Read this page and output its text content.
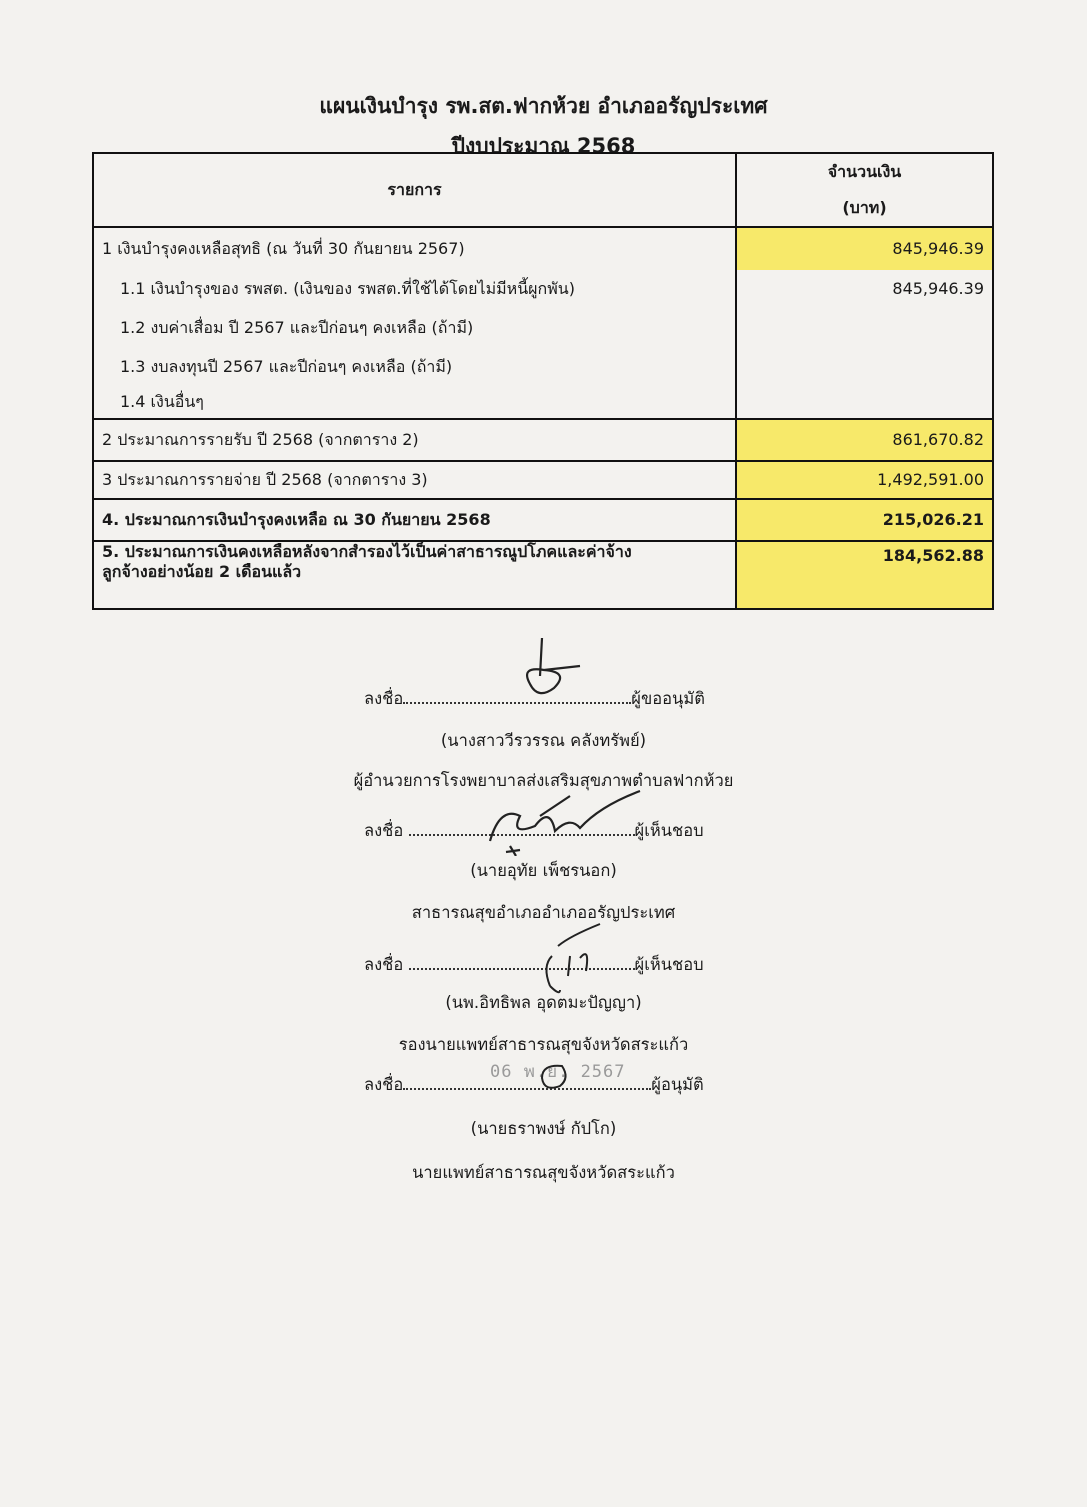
แผนเงินบำรุง รพ.สต.ฟากห้วย อำเภออรัญประเทศ
ปีงบประมาณ 2568
รายการ	จำนวนเงิน
(บาท)
1 เงินบำรุงคงเหลือสุทธิ (ณ วันที่ 30 กันยายน 2567)	845,946.39
1.1 เงินบำรุงของ รพสต. (เงินของ รพสต.ที่ใช้ได้โดยไม่มีหนี้ผูกพัน)	845,946.39
1.2 งบค่าเสื่อม ปี 2567 และปีก่อนๆ คงเหลือ (ถ้ามี)	
1.3 งบลงทุนปี 2567 และปีก่อนๆ คงเหลือ (ถ้ามี)	
1.4 เงินอื่นๆ	
2 ประมาณการรายรับ ปี 2568 (จากตาราง 2)	861,670.82
3 ประมาณการรายจ่าย ปี 2568 (จากตาราง 3)	1,492,591.00
4. ประมาณการเงินบำรุงคงเหลือ ณ 30 กันยายน 2568	215,026.21
5. ประมาณการเงินคงเหลือหลังจากสำรองไว้เป็นค่าสาธารณูปโภคและค่าจ้าง
ลูกจ้างอย่างน้อย 2 เดือนแล้ว	184,562.88
ลงชื่อ	ผู้ขออนุมัติ
(นางสาววีรวรรณ คลังทรัพย์)
ผู้อำนวยการโรงพยาบาลส่งเสริมสุขภาพตำบลฟากห้วย
ลงชื่อ	ผู้เห็นชอบ
(นายอุทัย เพ็ชรนอก)
สาธารณสุขอำเภออำเภออรัญประเทศ
ลงชื่อ	ผู้เห็นชอบ
(นพ.อิทธิพล อุดตมะปัญญา)
รองนายแพทย์สาธารณสุขจังหวัดสระแก้ว
ลงชื่อ	ผู้อนุมัติ
(นายธราพงษ์ กัปโก)
นายแพทย์สาธารณสุขจังหวัดสระแก้ว
06 พ.ย. 2567
